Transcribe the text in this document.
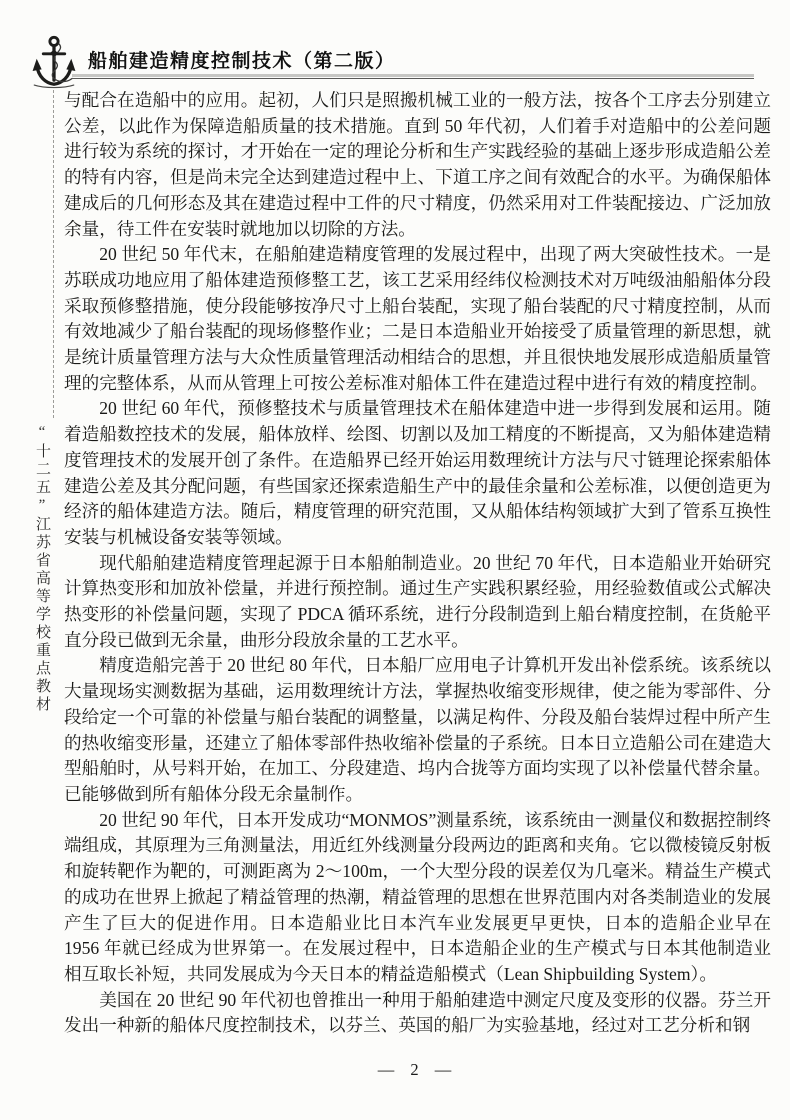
船舶建造精度控制技术（第二版）
“十二五”江苏省高等学校重点教材

与配合在造船中的应用。起初，人们只是照搬机械工业的一般方法，按各个工序去分别建立公差，以此作为保障造船质量的技术措施。直到 50 年代初，人们着手对造船中的公差问题进行较为系统的探讨，才开始在一定的理论分析和生产实践经验的基础上逐步形成造船公差的特有内容，但是尚未完全达到建造过程中上、下道工序之间有效配合的水平。为确保船体建成后的几何形态及其在建造过程中工件的尺寸精度，仍然采用对工件装配接边、广泛加放余量，待工件在安装时就地加以切除的方法。

20 世纪 50 年代末，在船舶建造精度管理的发展过程中，出现了两大突破性技术。一是苏联成功地应用了船体建造预修整工艺，该工艺采用经纬仪检测技术对万吨级油船船体分段采取预修整措施，使分段能够按净尺寸上船台装配，实现了船台装配的尺寸精度控制，从而有效地减少了船台装配的现场修整作业；二是日本造船业开始接受了质量管理的新思想，就是统计质量管理方法与大众性质量管理活动相结合的思想，并且很快地发展形成造船质量管理的完整体系，从而从管理上可按公差标准对船体工件在建造过程中进行有效的精度控制。

20 世纪 60 年代，预修整技术与质量管理技术在船体建造中进一步得到发展和运用。随着造船数控技术的发展，船体放样、绘图、切割以及加工精度的不断提高，又为船体建造精度管理技术的发展开创了条件。在造船界已经开始运用数理统计方法与尺寸链理论探索船体建造公差及其分配问题，有些国家还探索造船生产中的最佳余量和公差标准，以便创造更为经济的船体建造方法。随后，精度管理的研究范围，又从船体结构领域扩大到了管系互换性安装与机械设备安装等领域。

现代船舶建造精度管理起源于日本船舶制造业。20 世纪 70 年代，日本造船业开始研究计算热变形和加放补偿量，并进行预控制。通过生产实践积累经验，用经验数值或公式解决热变形的补偿量问题，实现了 PDCA 循环系统，进行分段制造到上船台精度控制，在货舱平直分段已做到无余量，曲形分段放余量的工艺水平。

精度造船完善于 20 世纪 80 年代，日本船厂应用电子计算机开发出补偿系统。该系统以大量现场实测数据为基础，运用数理统计方法，掌握热收缩变形规律，使之能为零部件、分段给定一个可靠的补偿量与船台装配的调整量，以满足构件、分段及船台装焊过程中所产生的热收缩变形量，还建立了船体零部件热收缩补偿量的子系统。日本日立造船公司在建造大型船舶时，从号料开始，在加工、分段建造、坞内合拢等方面均实现了以补偿量代替余量。已能够做到所有船体分段无余量制作。

20 世纪 90 年代，日本开发成功“MONMOS”测量系统，该系统由一测量仪和数据控制终端组成，其原理为三角测量法，用近红外线测量分段两边的距离和夹角。它以微棱镜反射板和旋转靶作为靶的，可测距离为 2～100m，一个大型分段的误差仅为几毫米。精益生产模式的成功在世界上掀起了精益管理的热潮，精益管理的思想在世界范围内对各类制造业的发展产生了巨大的促进作用。日本造船业比日本汽车业发展更早更快，日本的造船企业早在 1956 年就已经成为世界第一。在发展过程中，日本造船企业的生产模式与日本其他制造业相互取长补短，共同发展成为今天日本的精益造船模式（Lean Shipbuilding System）。

美国在 20 世纪 90 年代初也曾推出一种用于船舶建造中测定尺度及变形的仪器。芬兰开发出一种新的船体尺度控制技术，以芬兰、英国的船厂为实验基地，经过对工艺分析和钢

— 2 —
